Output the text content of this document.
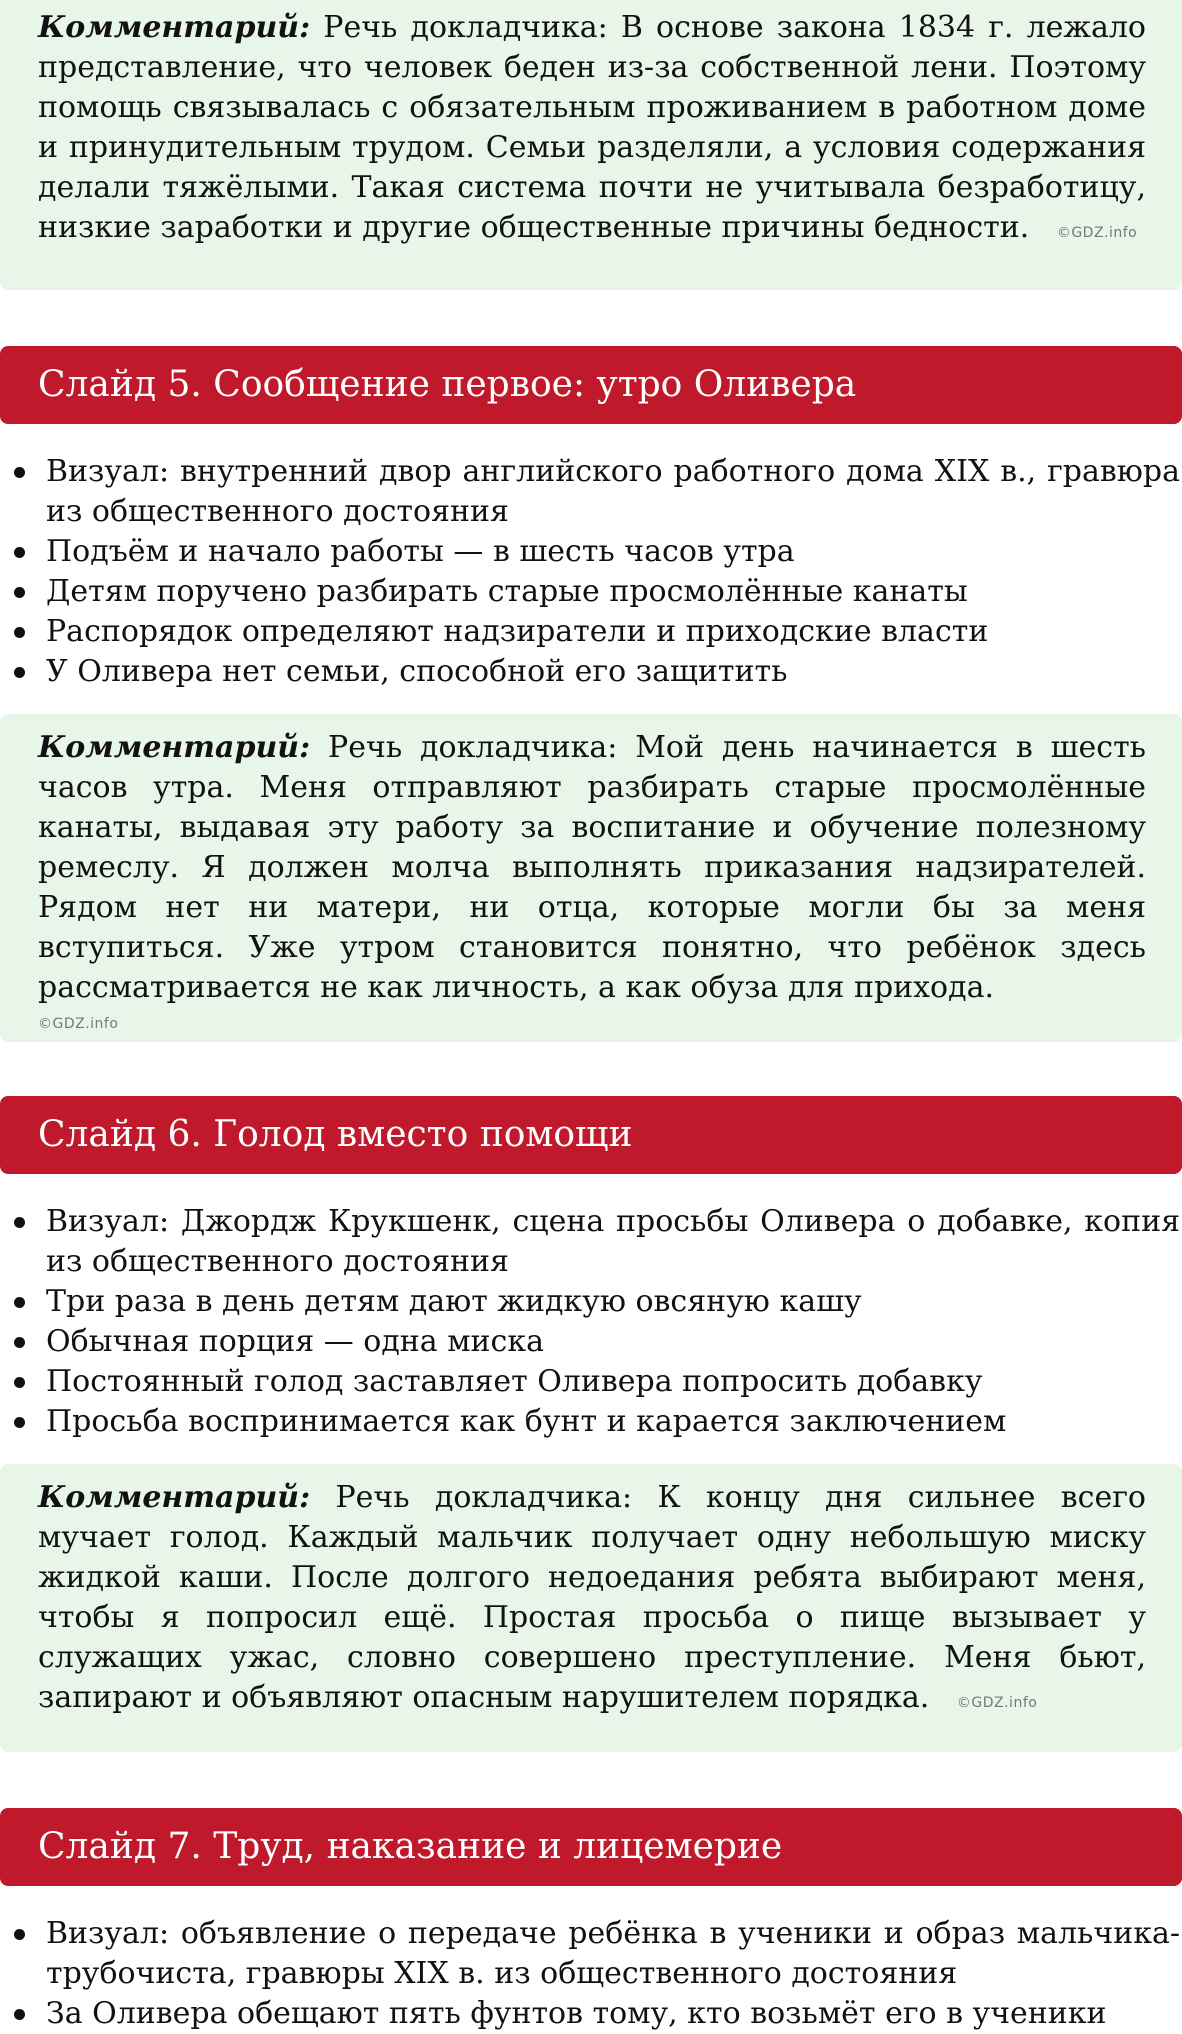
Комментарий: Речь докладчика: В основе закона 1834 г. лежало представление, что человек беден из-за собственной лени. Поэтому помощь связывалась с обязательным проживанием в работном доме и принудительным трудом. Семьи разделяли, а условия содержания делали тяжёлыми. Такая система почти не учитывала безработицу, низкие заработки и другие общественные причины бедности. ©GDZ.info
Слайд 5. Сообщение первое: утро Оливера
Визуал: внутренний двор английского работного дома XIX в., гравюра из общественного достояния
Подъём и начало работы — в шесть часов утра
Детям поручено разбирать старые просмолённые канаты
Распорядок определяют надзиратели и приходские власти
У Оливера нет семьи, способной его защитить
Комментарий: Речь докладчика: Мой день начинается в шесть часов утра. Меня отправляют разбирать старые просмолённые канаты, выдавая эту работу за воспитание и обучение полезному ремеслу. Я должен молча выполнять приказания надзирателей. Рядом нет ни матери, ни отца, которые могли бы за меня вступиться. Уже утром становится понятно, что ребёнок здесь рассматривается не как личность, а как обуза для прихода.
©GDZ.info
Слайд 6. Голод вместо помощи
Визуал: Джордж Крукшенк, сцена просьбы Оливера о добавке, копия из общественного достояния
Три раза в день детям дают жидкую овсяную кашу
Обычная порция — одна миска
Постоянный голод заставляет Оливера попросить добавку
Просьба воспринимается как бунт и карается заключением
Комментарий: Речь докладчика: К концу дня сильнее всего мучает голод. Каждый мальчик получает одну небольшую миску жидкой каши. После долгого недоедания ребята выбирают меня, чтобы я попросил ещё. Простая просьба о пище вызывает у служащих ужас, словно совершено преступление. Меня бьют, запирают и объявляют опасным нарушителем порядка. ©GDZ.info
Слайд 7. Труд, наказание и лицемерие
Визуал: объявление о передаче ребёнка в ученики и образ мальчика-трубочиста, гравюры XIX в. из общественного достояния
За Оливера обещают пять фунтов тому, кто возьмёт его в ученики
